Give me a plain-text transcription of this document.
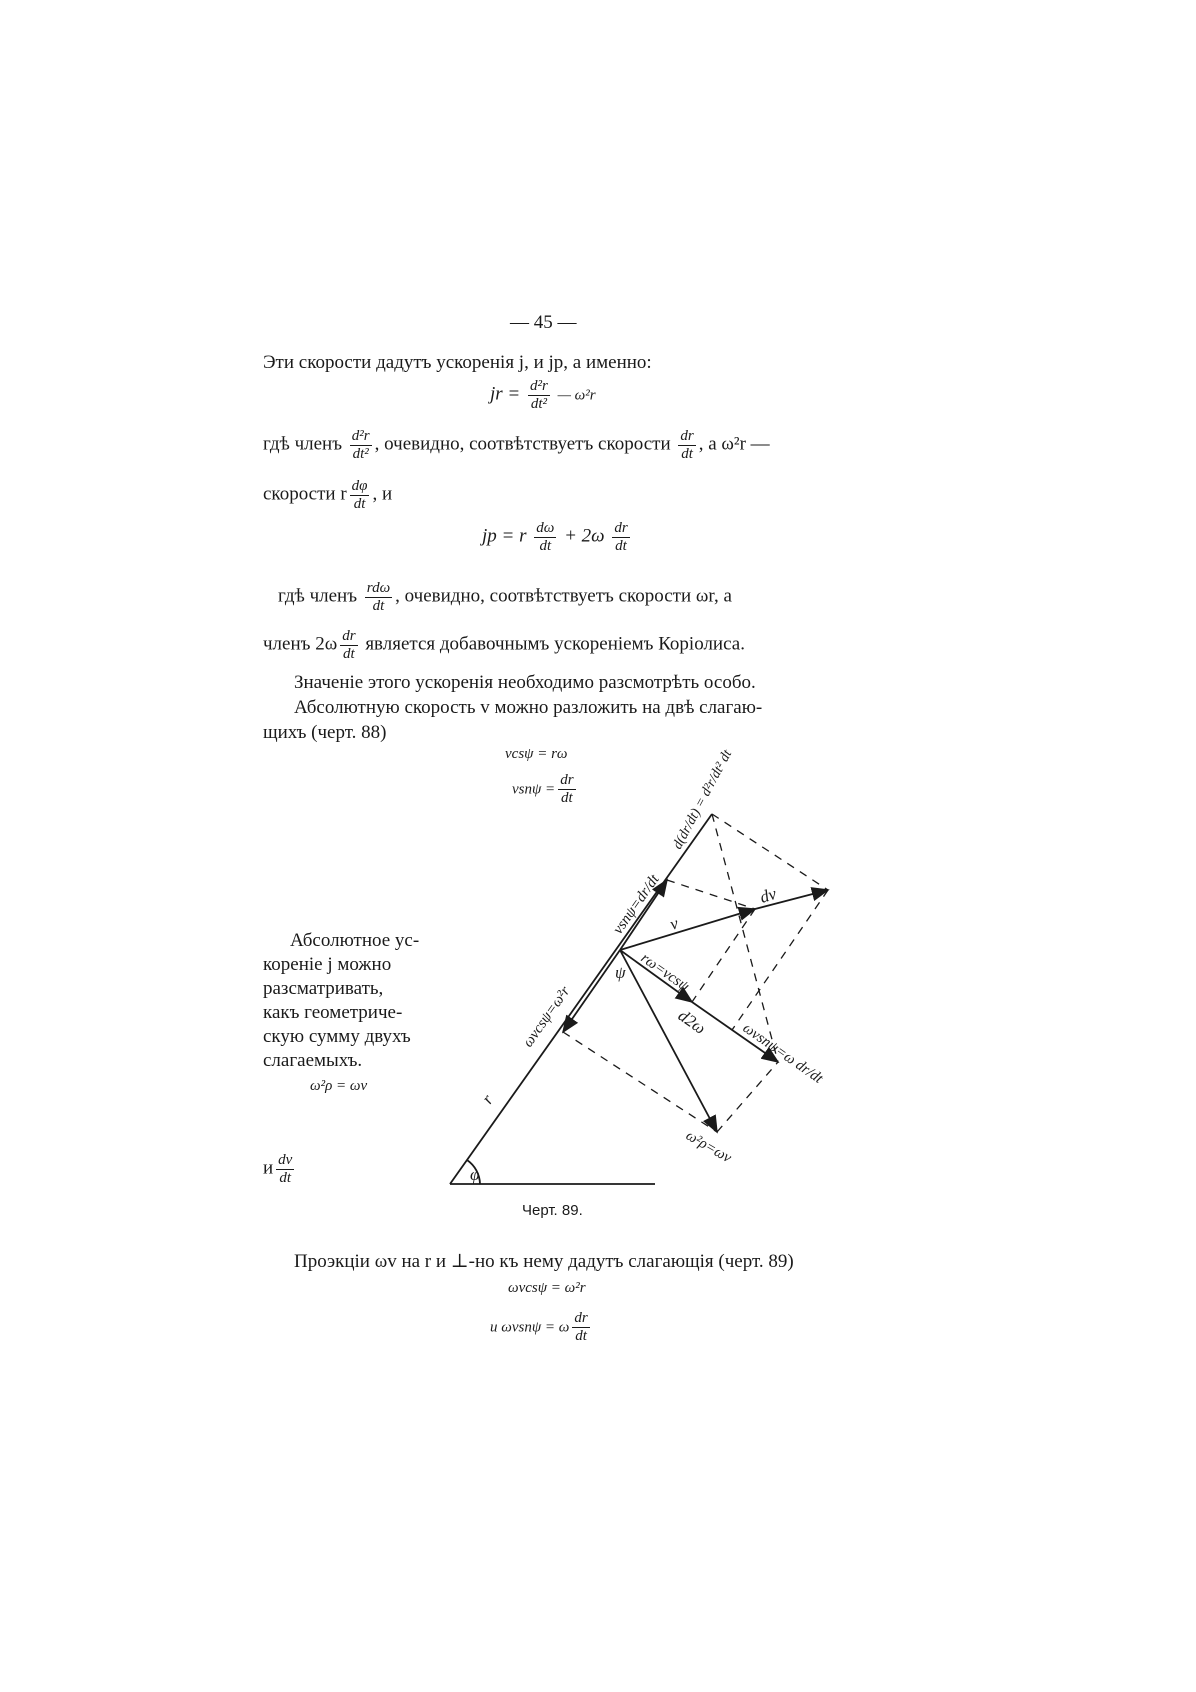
— 45 —
Эти скорости дадутъ ускоренія j, и jp, а именно:
jr = $\frac{\text{d²r}}{\text{dt²}}$ — ω²r
гдѣ членъ $\frac{\text{d²r}}{\text{dt²}}$ , очевидно, соотвѣтствуетъ скорости $\frac{dr}{dt}$ , а ω²r —
скорости r $\frac{d\varphi}{dt}$ , и
jp = r $\frac{d\omega}{dt} + 2\omega \frac{dr}{dt}$
гдѣ членъ $\frac{\text{rdω}}{dt}$ , очевидно, соотвѣтствуетъ скорости ωr, а
членъ $2\omega \frac{dr}{dt}$ является добавочнымъ ускореніемъ Коріолиса.
Значеніе этого ускоренія необходимо разсмотрѣть особо.
Абсолютную скорость v можно разложить на двѣ слагаю-
щихъ (черт. 88)
vcsψ = rω
$vsn\psi = \frac{dr}{dt}$
Абсолютное ус-
кореніе j можно
разсматривать,
какъ геометриче-
скую сумму двухъ
слагаемыхъ.
ω²ρ = ωv
и $\frac{dv}{dt}$
r
v
dv
d2ω
φ
ψ
ω²ρ=ωv
ωvcsψ=ω²r
vsnψ=dr/dt
rω=vcsψ
ωvsnψ=ω dr/dt
d(dr/dt) = d²r/dt² dt
Черт. 89.
Проэкціи ωv на r и ⊥-но къ нему дадутъ слагающія (черт. 89)
ωvcsψ = ω²r
и ωvsnψ = ω $\frac{dr}{dt}$
